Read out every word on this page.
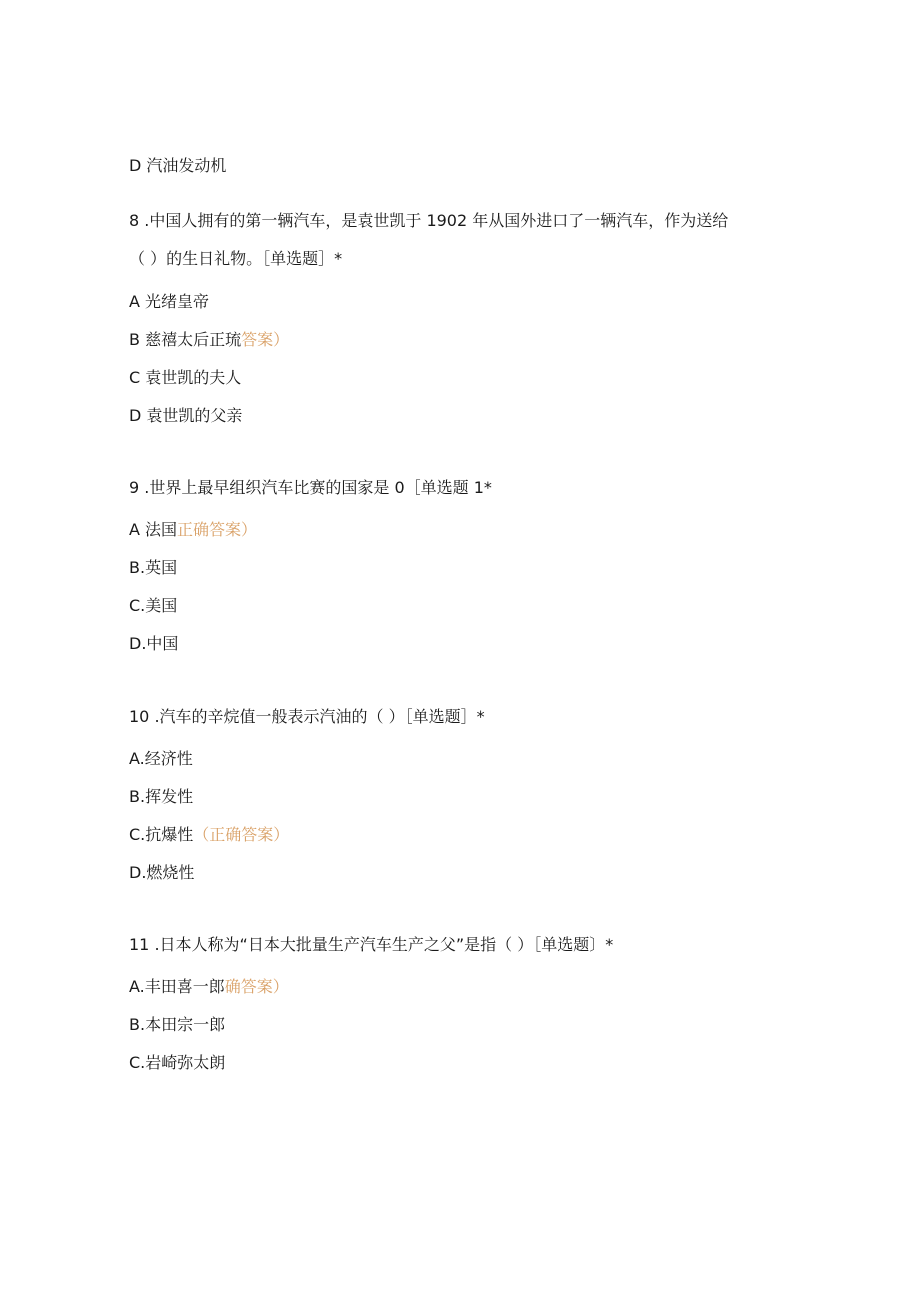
D 汽油发动机
8 .中国人拥有的第一辆汽车，是袁世凯于 1902 年从国外进口了一辆汽车，作为送给
（ ）的生日礼物。［单选题］*
A 光绪皇帝
B 慈禧太后正琉答案）
C 袁世凯的夫人
D 袁世凯的父亲
9 .世界上最早组织汽车比赛的国家是 0［单选题 1*
A 法国正确答案）
B.英国
C.美国
D.中国
10 .汽车的辛烷值一般表示汽油的（ ）［单选题］*
A.经济性
B.挥发性
C.抗爆性（正确答案）
D.燃烧性
11 .日本人称为“日本大批量生产汽车生产之父”是指（ ）［单选题〕*
A.丰田喜一郎确答案）
B.本田宗一郎
C.岩崎弥太朗
